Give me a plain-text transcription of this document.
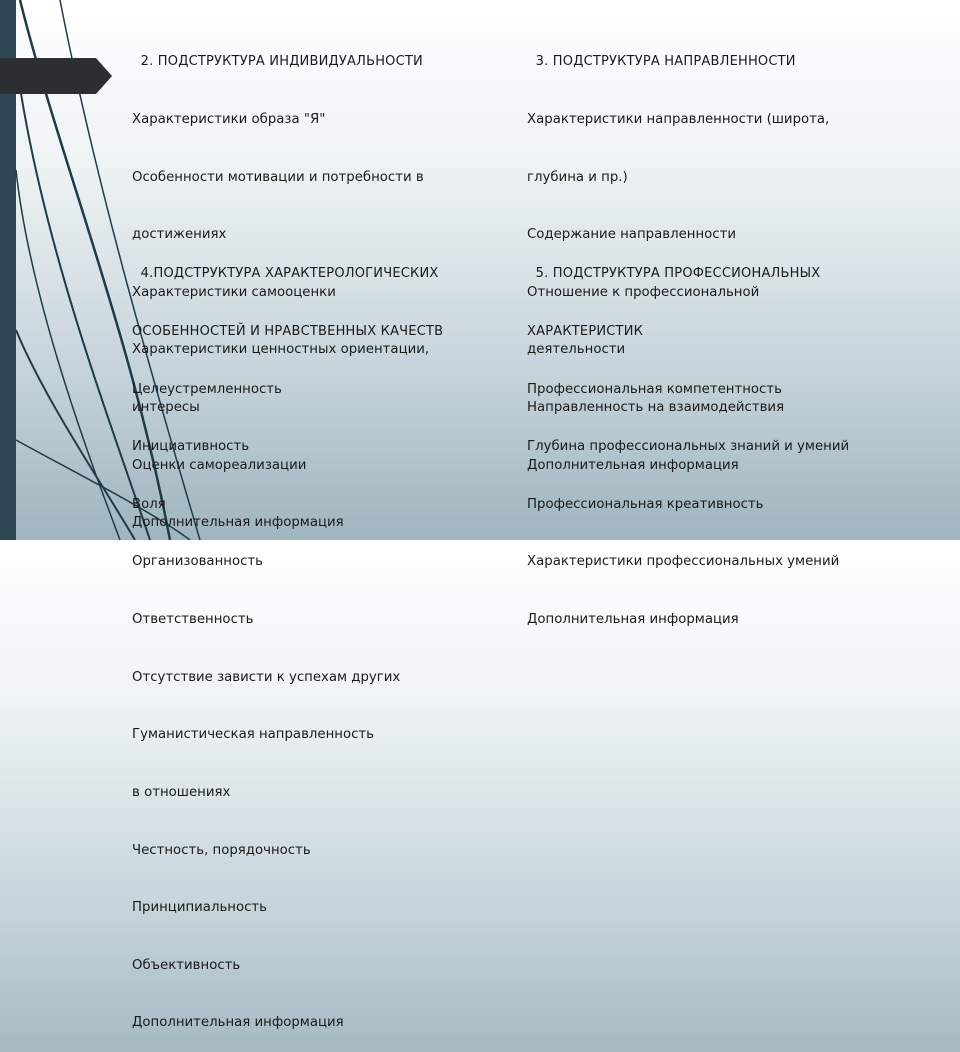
2. ПОДСТРУКТУРА ИНДИВИДУАЛЬНОСТИ

Характеристики образа "Я"

Особенности мотивации и потребности в

достижениях

Характеристики самооценки

Характеристики ценностных ориентации,

интересы

Оценки самореализации

Дополнительная информация

3. ПОДСТРУКТУРА НАПРАВЛЕННОСТИ

Характеристики направленности (широта,

глубина и пр.)

Содержание направленности

Отношение к профессиональной

деятельности

Направленность на взаимодействия

Дополнительная информация

4.ПОДСТРУКТУРА ХАРАКТЕРОЛОГИЧЕСКИХ

ОСОБЕННОСТЕЙ И НРАВСТВЕННЫХ КАЧЕСТВ

Целеустремленность

Инициативность

Воля

Организованность

Ответственность

Отсутствие зависти к успехам других

Гуманистическая направленность

в отношениях

Честность, порядочность

Принципиальность

Объективность

Дополнительная информация

5. ПОДСТРУКТУРА ПРОФЕССИОНАЛЬНЫХ

ХАРАКТЕРИСТИК

Профессиональная компетентность

Глубина профессиональных знаний и умений

Профессиональная креативность

Характеристики профессиональных умений

Дополнительная информация
